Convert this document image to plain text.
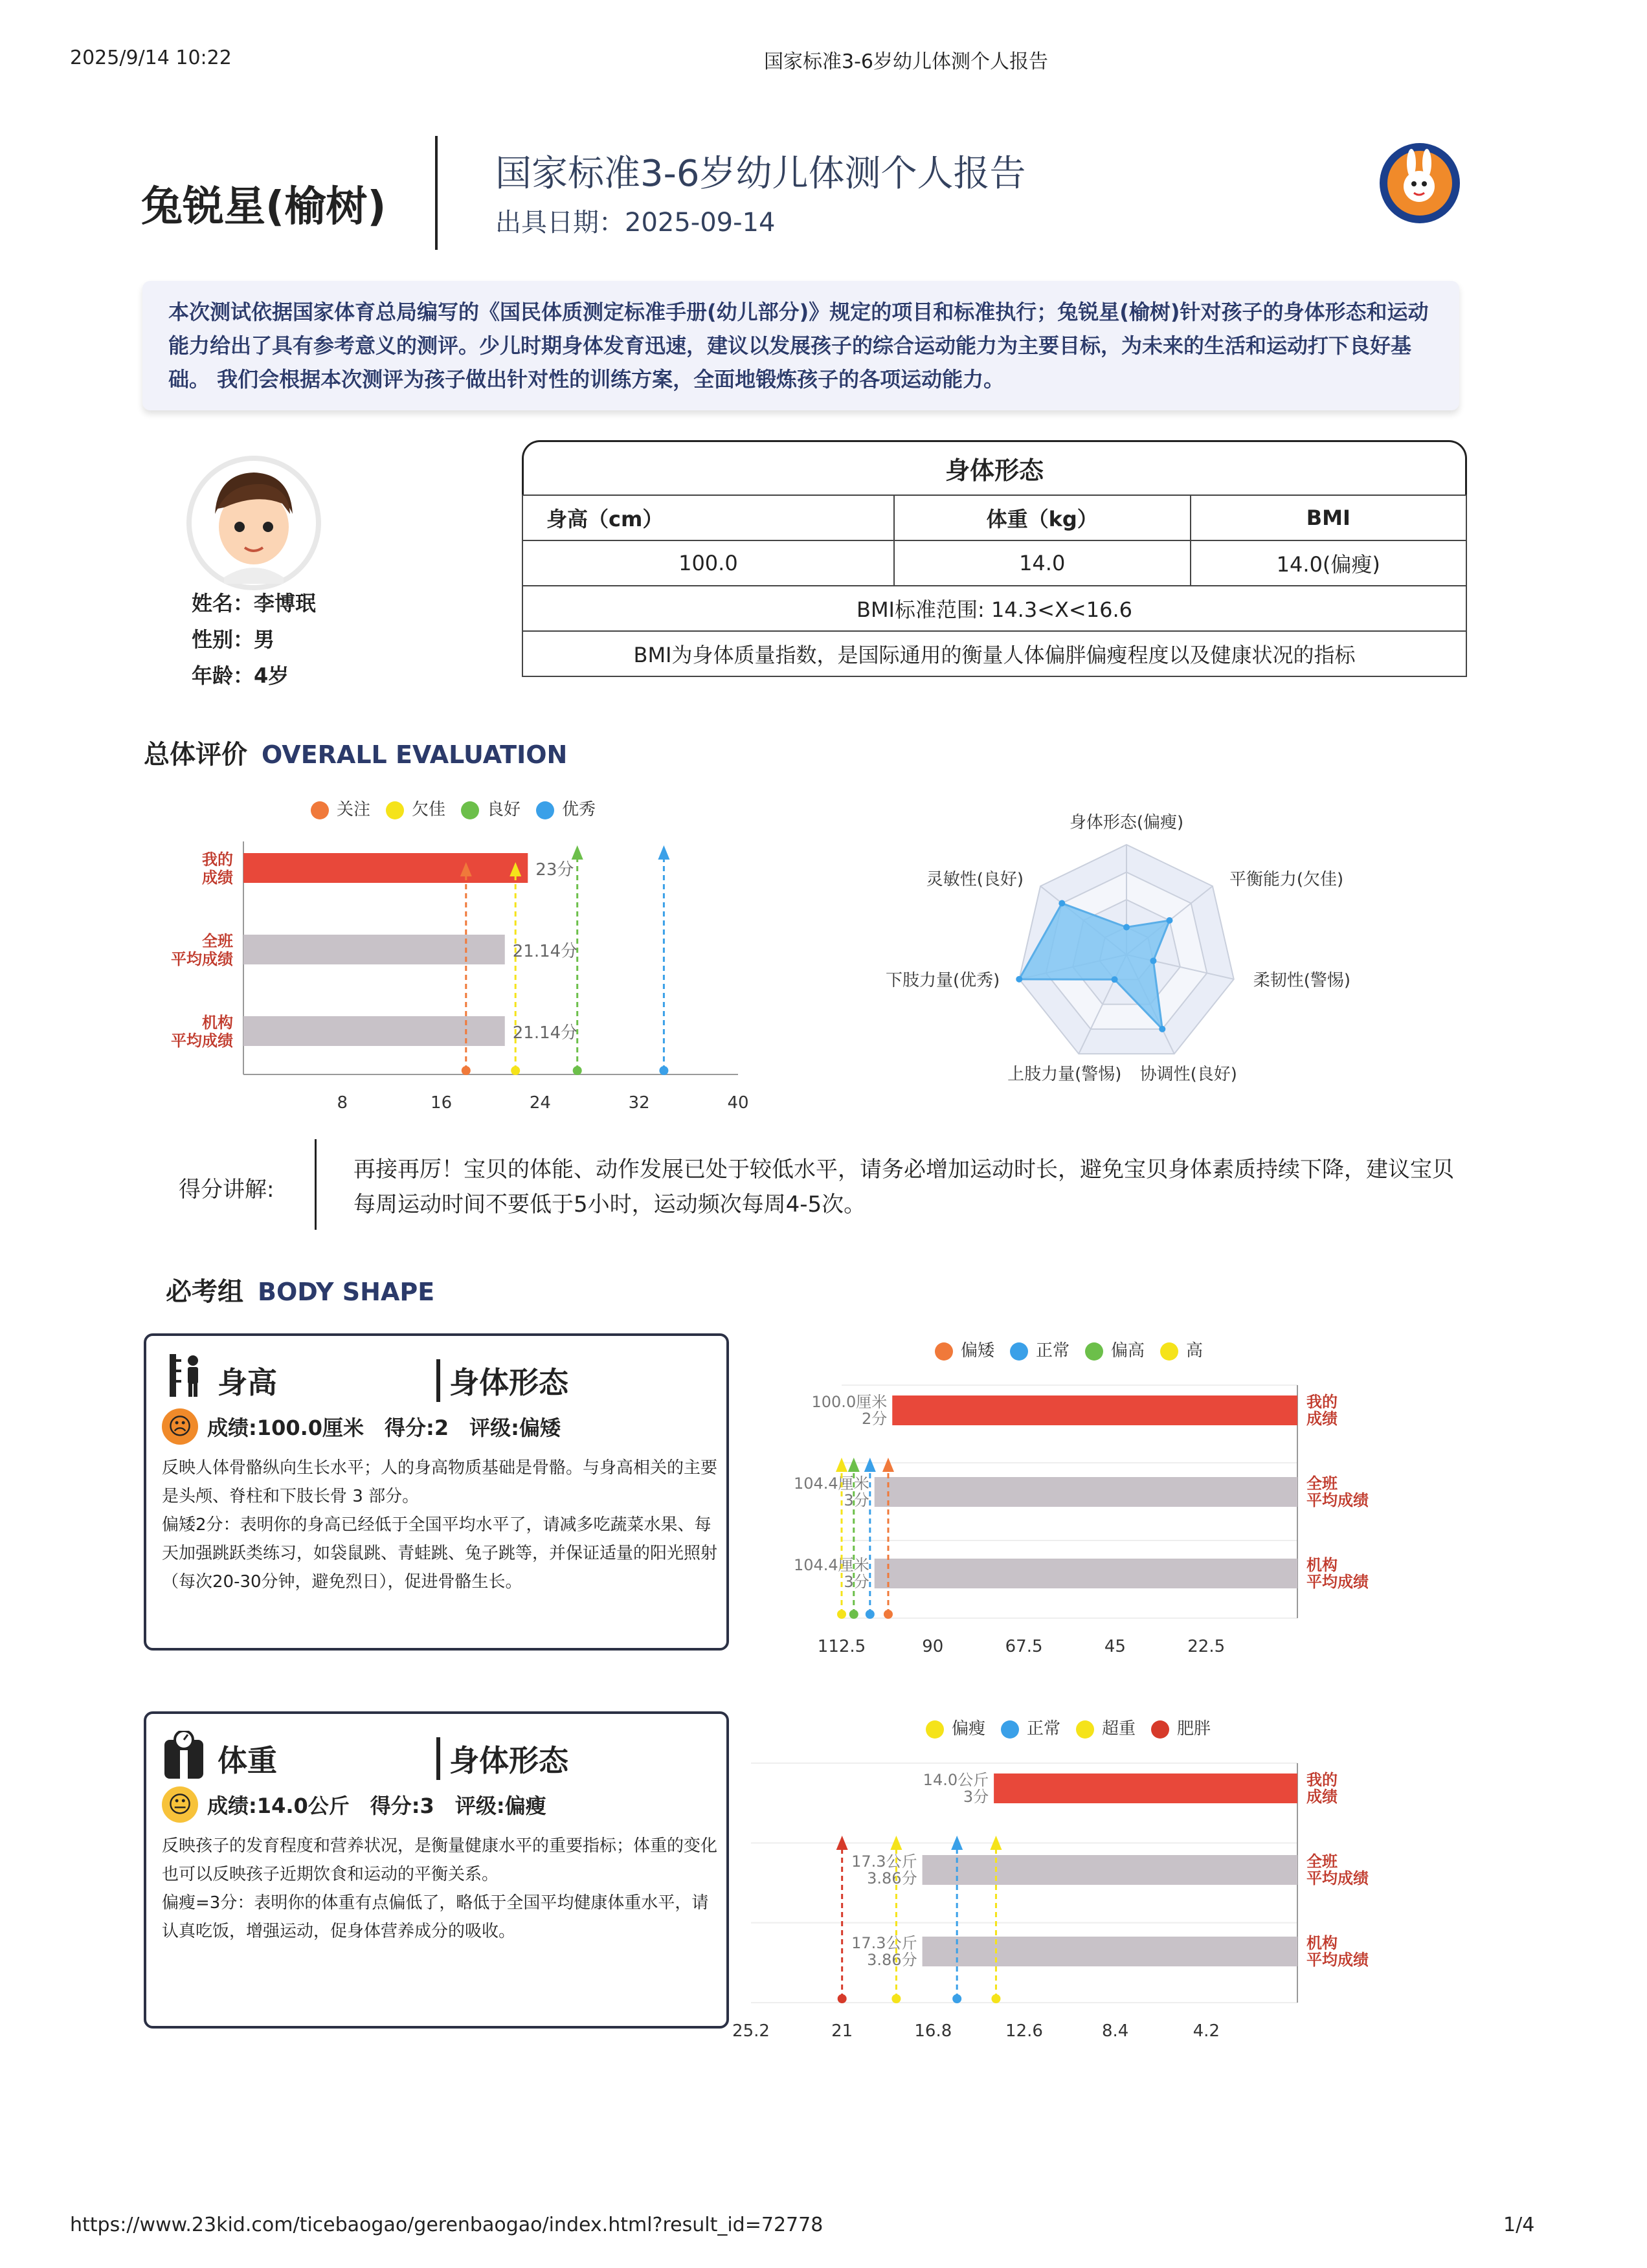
2025/9/14 10:22	国家标准3-6岁幼儿体测个人报告
https://www.23kid.com/ticebaogao/gerenbaogao/index.html?result_id=72778	1/4
兔锐星(榆树)
国家标准3-6岁幼儿体测个人报告
出具日期：2025-09-14
本次测试依据国家体育总局编写的《国民体质测定标准手册(幼儿部分)》规定的项目和标准执行；兔锐星(榆树)针对孩子的身体形态和运动能力给出了具有参考意义的测评。少儿时期身体发育迅速，建议以发展孩子的综合运动能力为主要目标，为未来的生活和运动打下良好基础。 我们会根据本次测评为孩子做出针对性的训练方案，全面地锻炼孩子的各项运动能力。
姓名：李博珉
性别：男
年龄：4岁
身体形态
身高（cm）	体重（kg）	BMI
100.0	14.0	14.0(偏瘦)
BMI标准范围: 14.3<X<16.6		
BMI为身体质量指数，是国际通用的衡量人体偏胖偏瘦程度以及健康状况的指标		
总体评价 OVERALL EVALUATION
关注	欠佳	良好	优秀
8	16	24	32	40
23分
我的
成绩
21.14分
全班
平均成绩
21.14分
机构
平均成绩
身体形态(偏瘦)
平衡能力(欠佳)
柔韧性(警惕)
协调性(良好)
上肢力量(警惕)
下肢力量(优秀)
灵敏性(良好)
得分讲解:
再接再厉！宝贝的体能、动作发展已处于较低水平，请务必增加运动时长，避免宝贝身体素质持续下降，建议宝贝每周运动时间不要低于5小时，运动频次每周4-5次。
必考组 BODY SHAPE
身高	身体形态
☹ 成绩:100.0厘米　得分:2　评级:偏矮
反映人体骨骼纵向生长水平；人的身高物质基础是骨骼。与身高相关的主要是头颅、脊柱和下肢长骨 3 部分。
偏矮2分：表明你的身高已经低于全国平均水平了，请减多吃蔬菜水果、每天加强跳跃类练习，如袋鼠跳、青蛙跳、兔子跳等，并保证适量的阳光照射（每次20-30分钟，避免烈日），促进骨骼生长。
偏矮	正常	偏高	高
112.5	90	67.5	45	22.5
100.0厘米
2分
我的
成绩
104.4厘米
3分
全班
平均成绩
104.4厘米
3分
机构
平均成绩
体重	身体形态
😐 成绩:14.0公斤　得分:3　评级:偏瘦
反映孩子的发育程度和营养状况，是衡量健康水平的重要指标；体重的变化也可以反映孩子近期饮食和运动的平衡关系。
偏瘦=3分：表明你的体重有点偏低了，略低于全国平均健康体重水平，请认真吃饭，增强运动，促身体营养成分的吸收。
偏瘦	正常	超重	肥胖
25.2	21	16.8	12.6	8.4	4.2
14.0公斤
3分
我的
成绩
17.3公斤
3.86分
全班
平均成绩
17.3公斤
3.86分
机构
平均成绩
